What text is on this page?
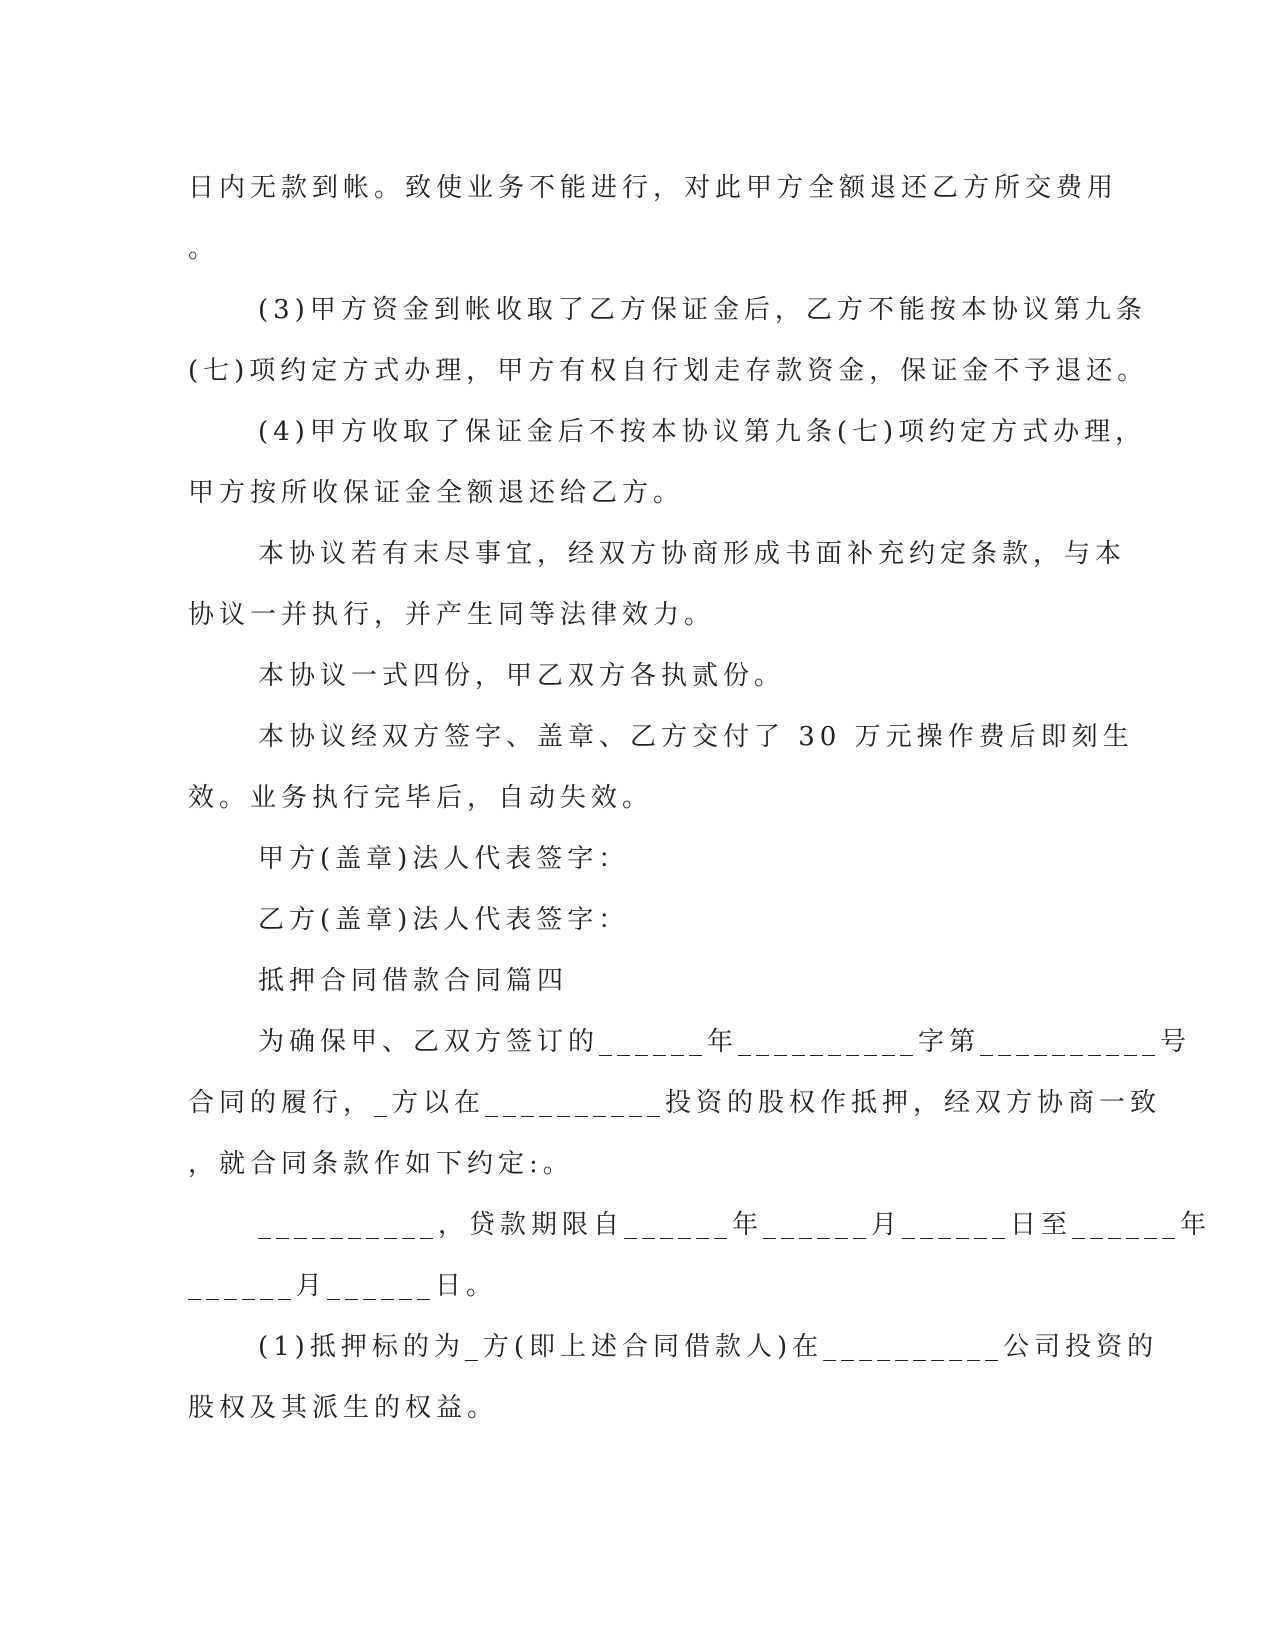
日内无款到帐。致使业务不能进行，对此甲方全额退还乙方所交费用

。

(3)甲方资金到帐收取了乙方保证金后，乙方不能按本协议第九条

(七)项约定方式办理，甲方有权自行划走存款资金，保证金不予退还。

(4)甲方收取了保证金后不按本协议第九条(七)项约定方式办理，

甲方按所收保证金全额退还给乙方。

本协议若有末尽事宜，经双方协商形成书面补充约定条款，与本

协议一并执行，并产生同等法律效力。

本协议一式四份，甲乙双方各执贰份。

本协议经双方签字、盖章、乙方交付了 30 万元操作费后即刻生

效。业务执行完毕后，自动失效。

甲方(盖章)法人代表签字：

乙方(盖章)法人代表签字：

抵押合同借款合同篇四

为确保甲、乙双方签订的______年__________字第__________号

合同的履行，_方以在__________投资的股权作抵押，经双方协商一致

，就合同条款作如下约定:。

__________，贷款期限自______年______月______日至______年

______月______日。

(1)抵押标的为_方(即上述合同借款人)在__________公司投资的

股权及其派生的权益。
